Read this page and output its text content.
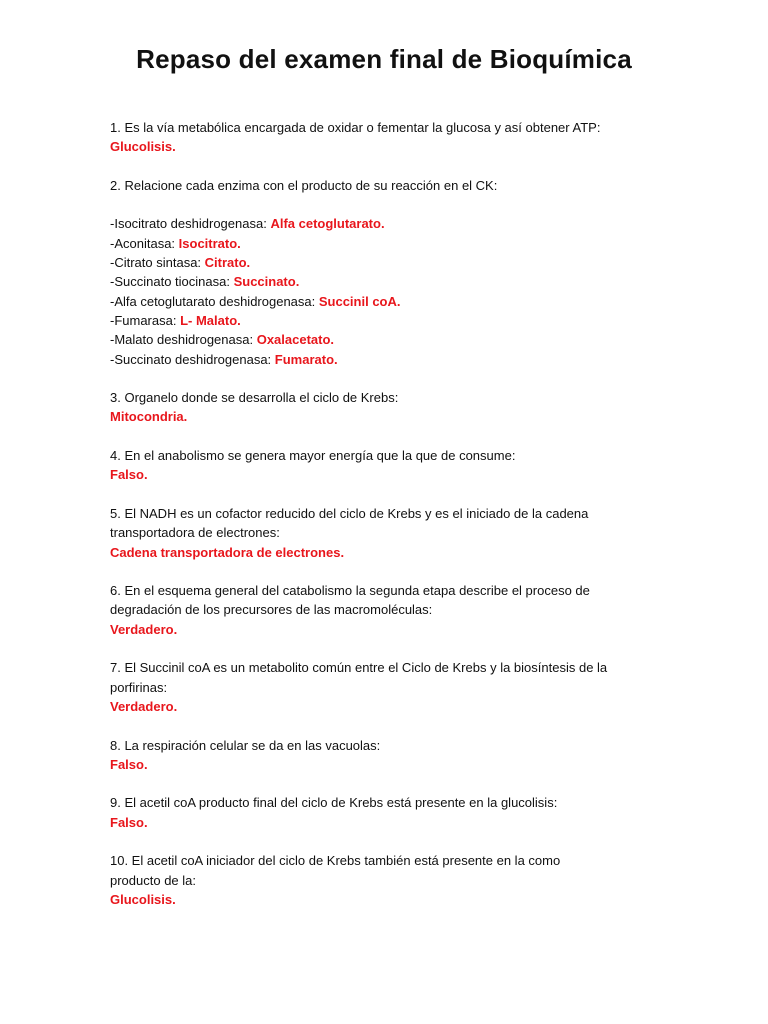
Repaso del examen final de Bioquímica
1. Es la vía metabólica encargada de oxidar o fementar la glucosa y así obtener ATP:
Glucolisis.
2. Relacione cada enzima con el producto de su reacción en el CK:
-Isocitrato deshidrogenasa: Alfa cetoglutarato.
-Aconitasa: Isocitrato.
-Citrato sintasa: Citrato.
-Succinato tiocinasa: Succinato.
-Alfa cetoglutarato deshidrogenasa: Succinil coA.
-Fumarasa: L- Malato.
-Malato deshidrogenasa: Oxalacetato.
-Succinato deshidrogenasa: Fumarato.
3. Organelo donde se desarrolla el ciclo de Krebs:
Mitocondria.
4. En el anabolismo se genera mayor energía que la que de consume:
Falso.
5. El NADH es un cofactor reducido del ciclo de Krebs y es el iniciado de la cadena
transportadora de electrones:
Cadena transportadora de electrones.
6. En el esquema general del catabolismo la segunda etapa describe el proceso de
degradación de los precursores de las macromoléculas:
Verdadero.
7. El Succinil coA es un metabolito común entre el Ciclo de Krebs y la biosíntesis de la
porfirinas:
Verdadero.
8. La respiración celular se da en las vacuolas:
Falso.
9. El acetil coA producto final del ciclo de Krebs está presente en la glucolisis:
Falso.
10. El acetil coA iniciador del ciclo de Krebs también está presente en la como
producto de la:
Glucolisis.
